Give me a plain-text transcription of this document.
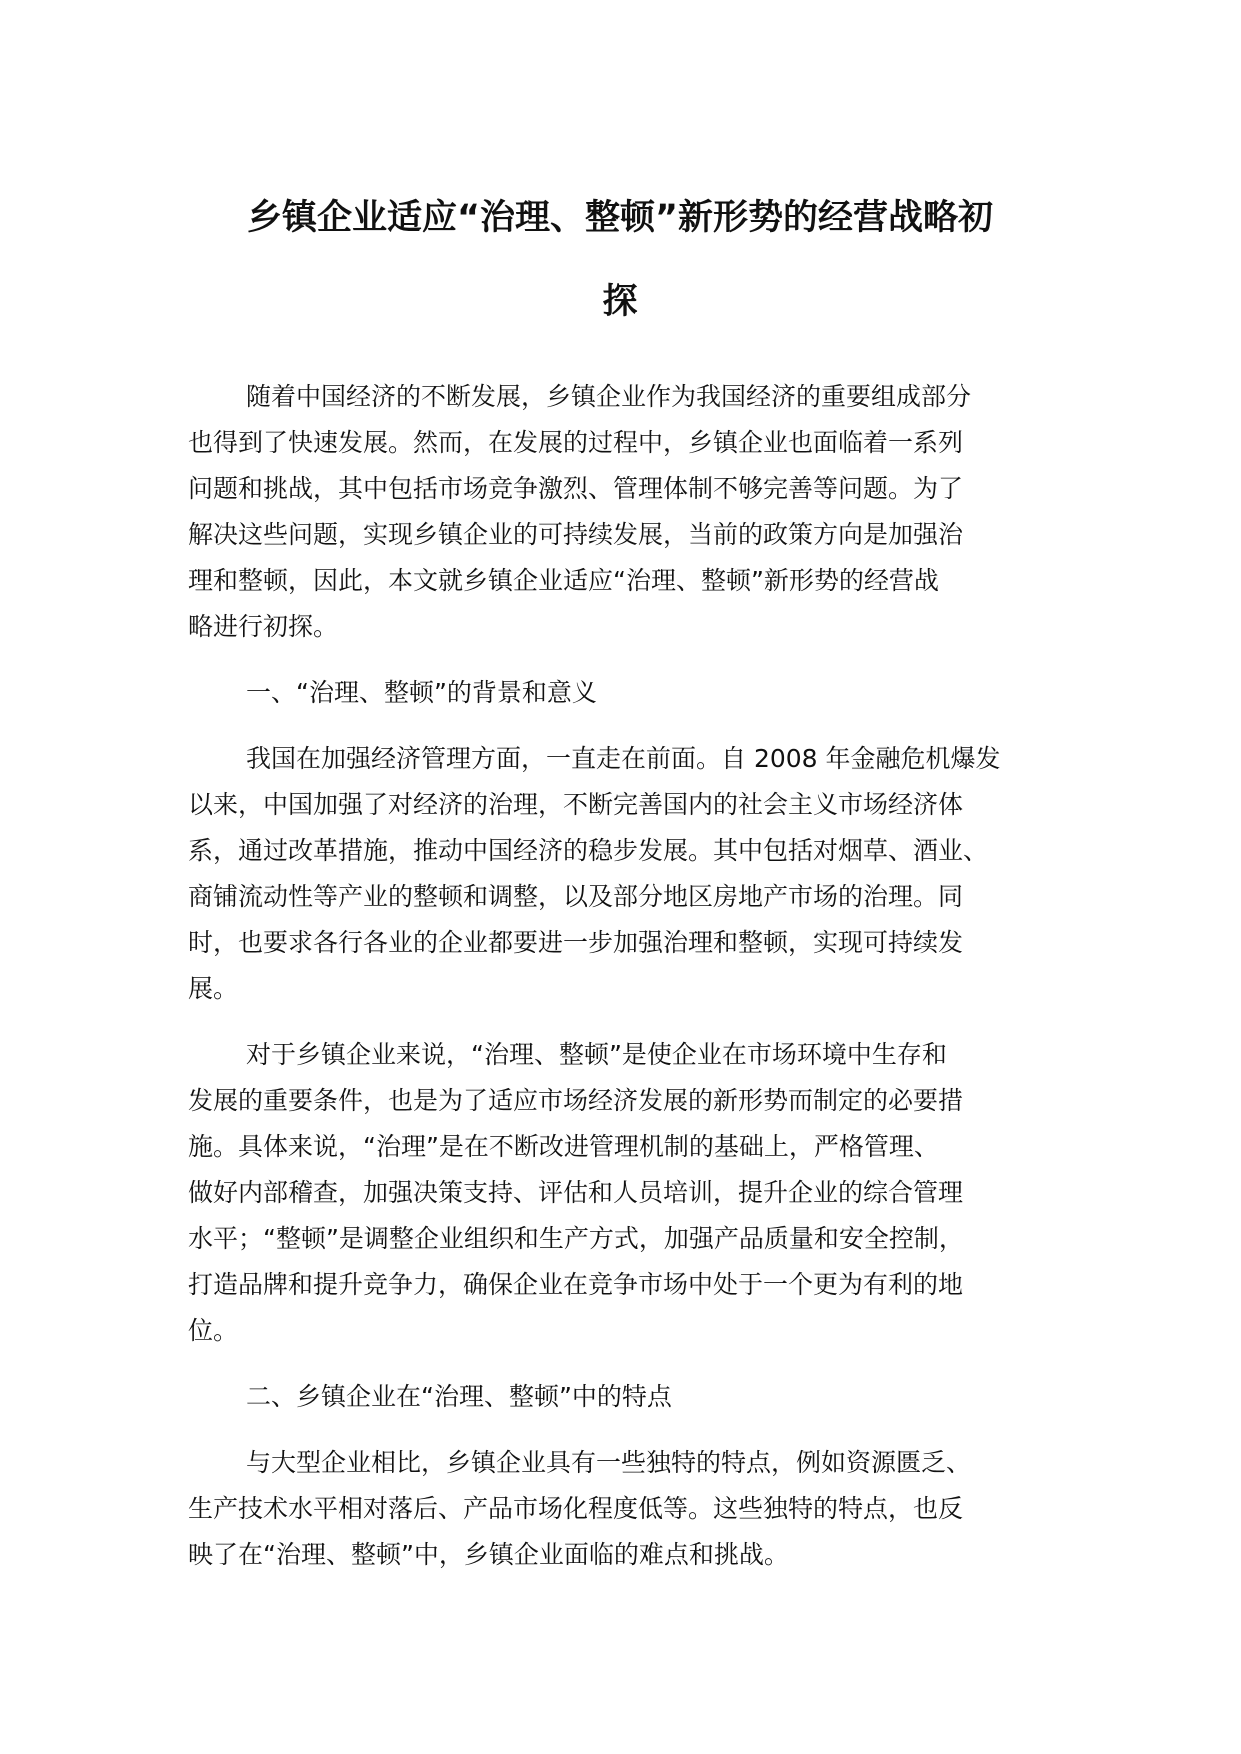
乡镇企业适应“治理、整顿”新形势的经营战略初
探
随着中国经济的不断发展，乡镇企业作为我国经济的重要组成部分
也得到了快速发展。然而，在发展的过程中，乡镇企业也面临着一系列
问题和挑战，其中包括市场竞争激烈、管理体制不够完善等问题。为了
解决这些问题，实现乡镇企业的可持续发展，当前的政策方向是加强治
理和整顿，因此，本文就乡镇企业适应“治理、整顿”新形势的经营战
略进行初探。
一、“治理、整顿”的背景和意义
我国在加强经济管理方面，一直走在前面。自 2008 年金融危机爆发
以来，中国加强了对经济的治理，不断完善国内的社会主义市场经济体
系，通过改革措施，推动中国经济的稳步发展。其中包括对烟草、酒业、
商铺流动性等产业的整顿和调整，以及部分地区房地产市场的治理。同
时，也要求各行各业的企业都要进一步加强治理和整顿，实现可持续发
展。
对于乡镇企业来说，“治理、整顿”是使企业在市场环境中生存和
发展的重要条件，也是为了适应市场经济发展的新形势而制定的必要措
施。具体来说，“治理”是在不断改进管理机制的基础上，严格管理、
做好内部稽查，加强决策支持、评估和人员培训，提升企业的综合管理
水平；“整顿”是调整企业组织和生产方式，加强产品质量和安全控制，
打造品牌和提升竞争力，确保企业在竞争市场中处于一个更为有利的地
位。
二、乡镇企业在“治理、整顿”中的特点
与大型企业相比，乡镇企业具有一些独特的特点，例如资源匮乏、
生产技术水平相对落后、产品市场化程度低等。这些独特的特点，也反
映了在“治理、整顿”中，乡镇企业面临的难点和挑战。
